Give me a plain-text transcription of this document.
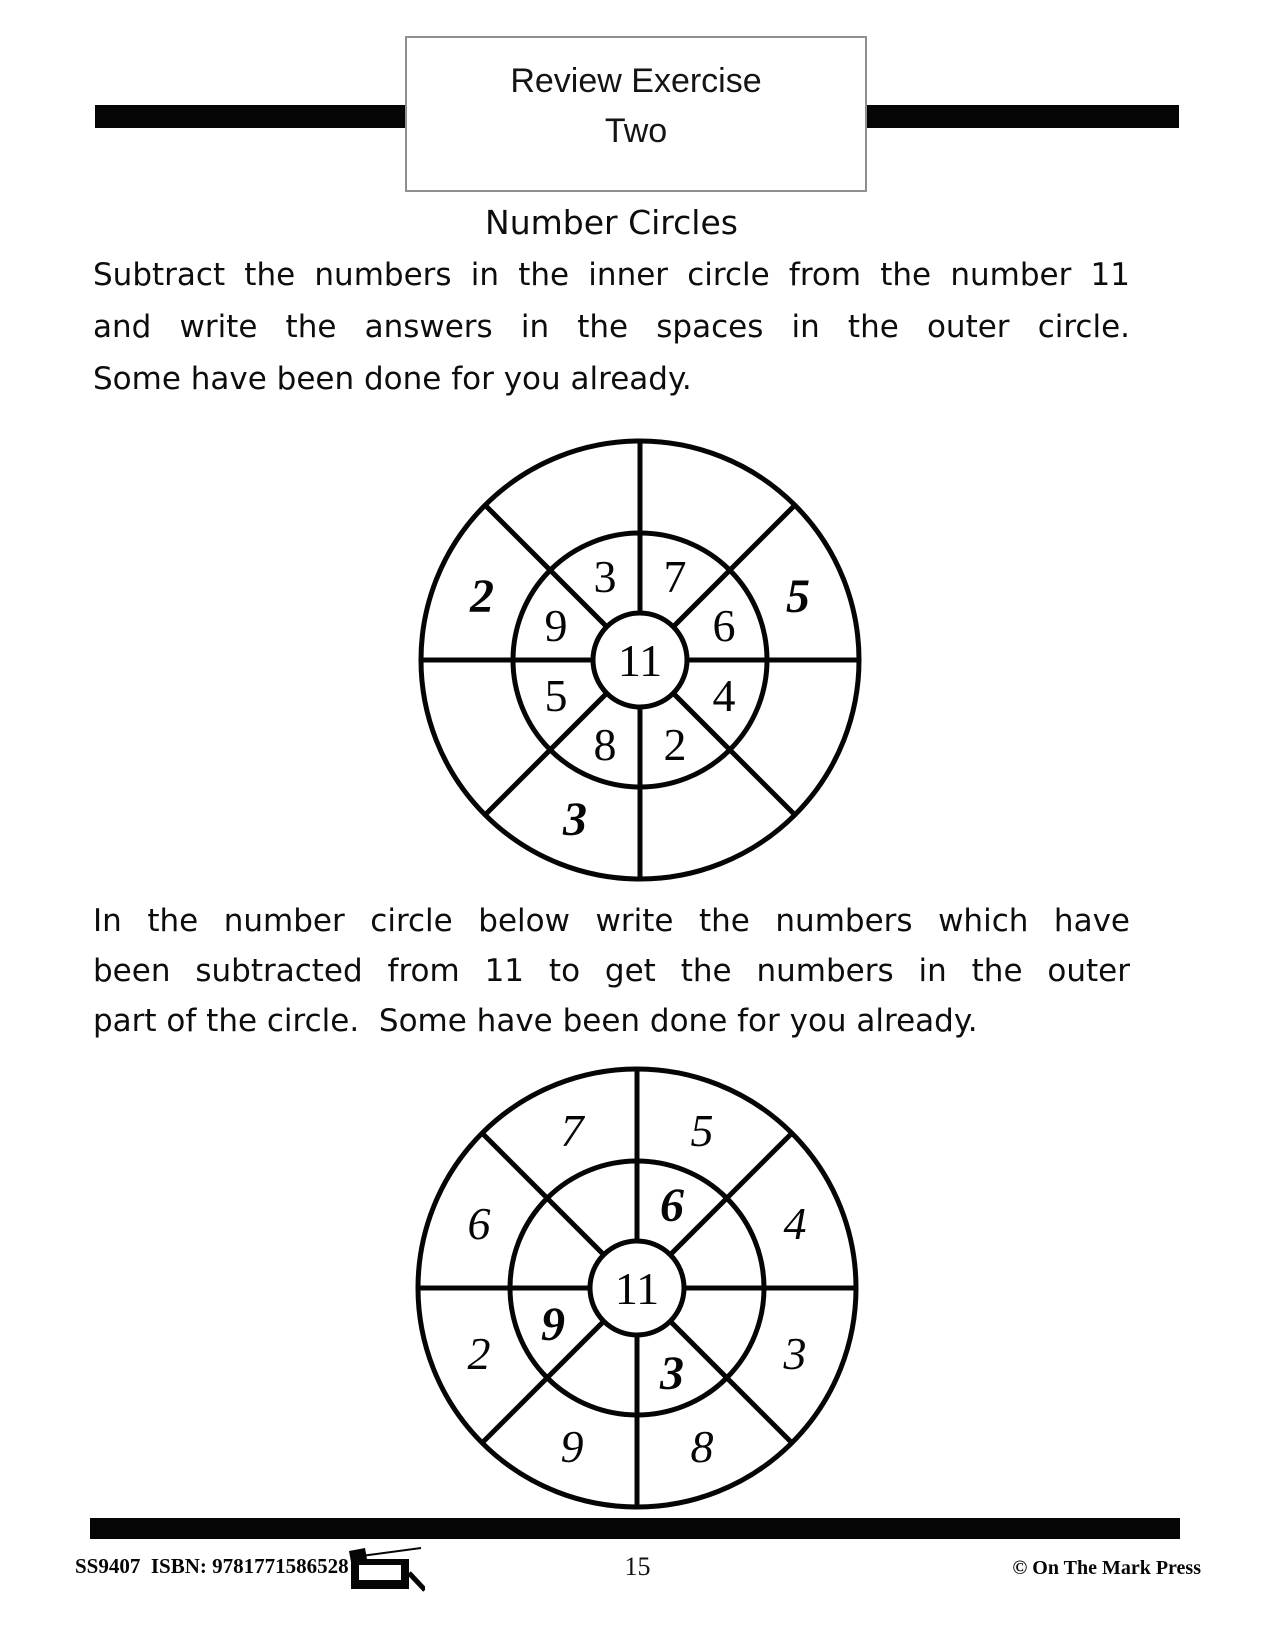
Review Exercise
Two
Number Circles
Subtract the numbers in the inner circle from the number 11
and write the answers in the spaces in the outer circle.
Some have been done for you already.
11
7
6
4
2
8
5
9
3	5
3
2
In the number circle below write the numbers which have
been subtracted from 11 to get the numbers in the outer
part of the circle.  Some have been done for you already.
11
6
3
9
5
4
3
8
9
2
6
7
SS9407  ISBN: 9781771586528	15	© On The Mark Press
